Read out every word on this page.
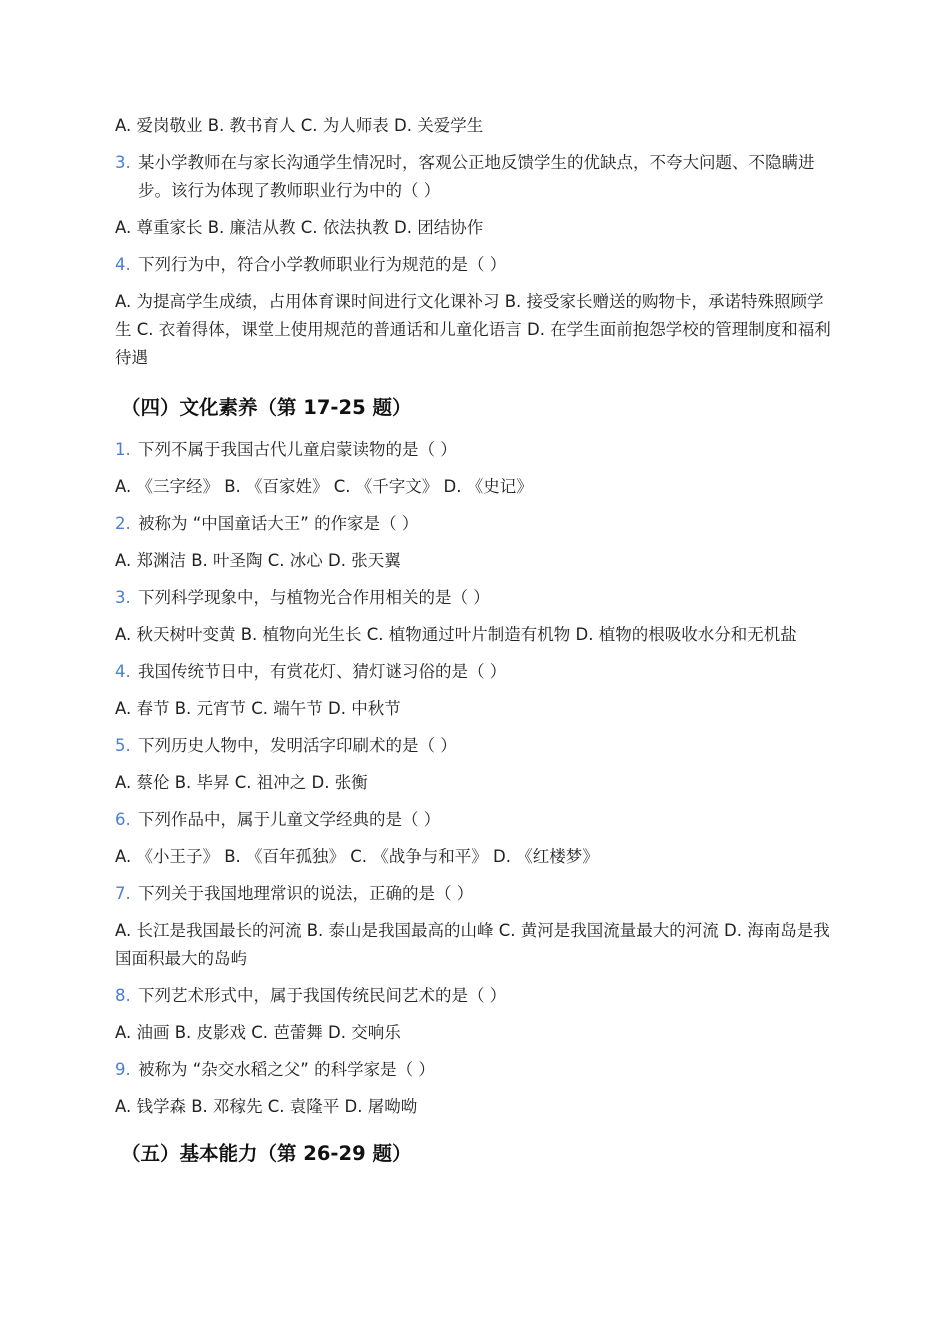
A. 爱岗敬业 B. 教书育人 C. 为人师表 D. 关爱学生
3. 某小学教师在与家长沟通学生情况时，客观公正地反馈学生的优缺点，不夸大问题、不隐瞒进步。该行为体现了教师职业行为中的（ ）
A. 尊重家长 B. 廉洁从教 C. 依法执教 D. 团结协作
4. 下列行为中，符合小学教师职业行为规范的是（ ）
A. 为提高学生成绩，占用体育课时间进行文化课补习 B. 接受家长赠送的购物卡，承诺特殊照顾学生 C. 衣着得体，课堂上使用规范的普通话和儿童化语言 D. 在学生面前抱怨学校的管理制度和福利待遇
（四）文化素养（第 17-25 题）
1. 下列不属于我国古代儿童启蒙读物的是（ ）
A. 《三字经》 B. 《百家姓》 C. 《千字文》 D. 《史记》
2. 被称为 “中国童话大王” 的作家是（ ）
A. 郑渊洁 B. 叶圣陶 C. 冰心 D. 张天翼
3. 下列科学现象中，与植物光合作用相关的是（ ）
A. 秋天树叶变黄 B. 植物向光生长 C. 植物通过叶片制造有机物 D. 植物的根吸收水分和无机盐
4. 我国传统节日中，有赏花灯、猜灯谜习俗的是（ ）
A. 春节 B. 元宵节 C. 端午节 D. 中秋节
5. 下列历史人物中，发明活字印刷术的是（ ）
A. 蔡伦 B. 毕昇 C. 祖冲之 D. 张衡
6. 下列作品中，属于儿童文学经典的是（ ）
A. 《小王子》 B. 《百年孤独》 C. 《战争与和平》 D. 《红楼梦》
7. 下列关于我国地理常识的说法，正确的是（ ）
A. 长江是我国最长的河流 B. 泰山是我国最高的山峰 C. 黄河是我国流量最大的河流 D. 海南岛是我国面积最大的岛屿
8. 下列艺术形式中，属于我国传统民间艺术的是（ ）
A. 油画 B. 皮影戏 C. 芭蕾舞 D. 交响乐
9. 被称为 “杂交水稻之父” 的科学家是（ ）
A. 钱学森 B. 邓稼先 C. 袁隆平 D. 屠呦呦
（五）基本能力（第 26-29 题）
